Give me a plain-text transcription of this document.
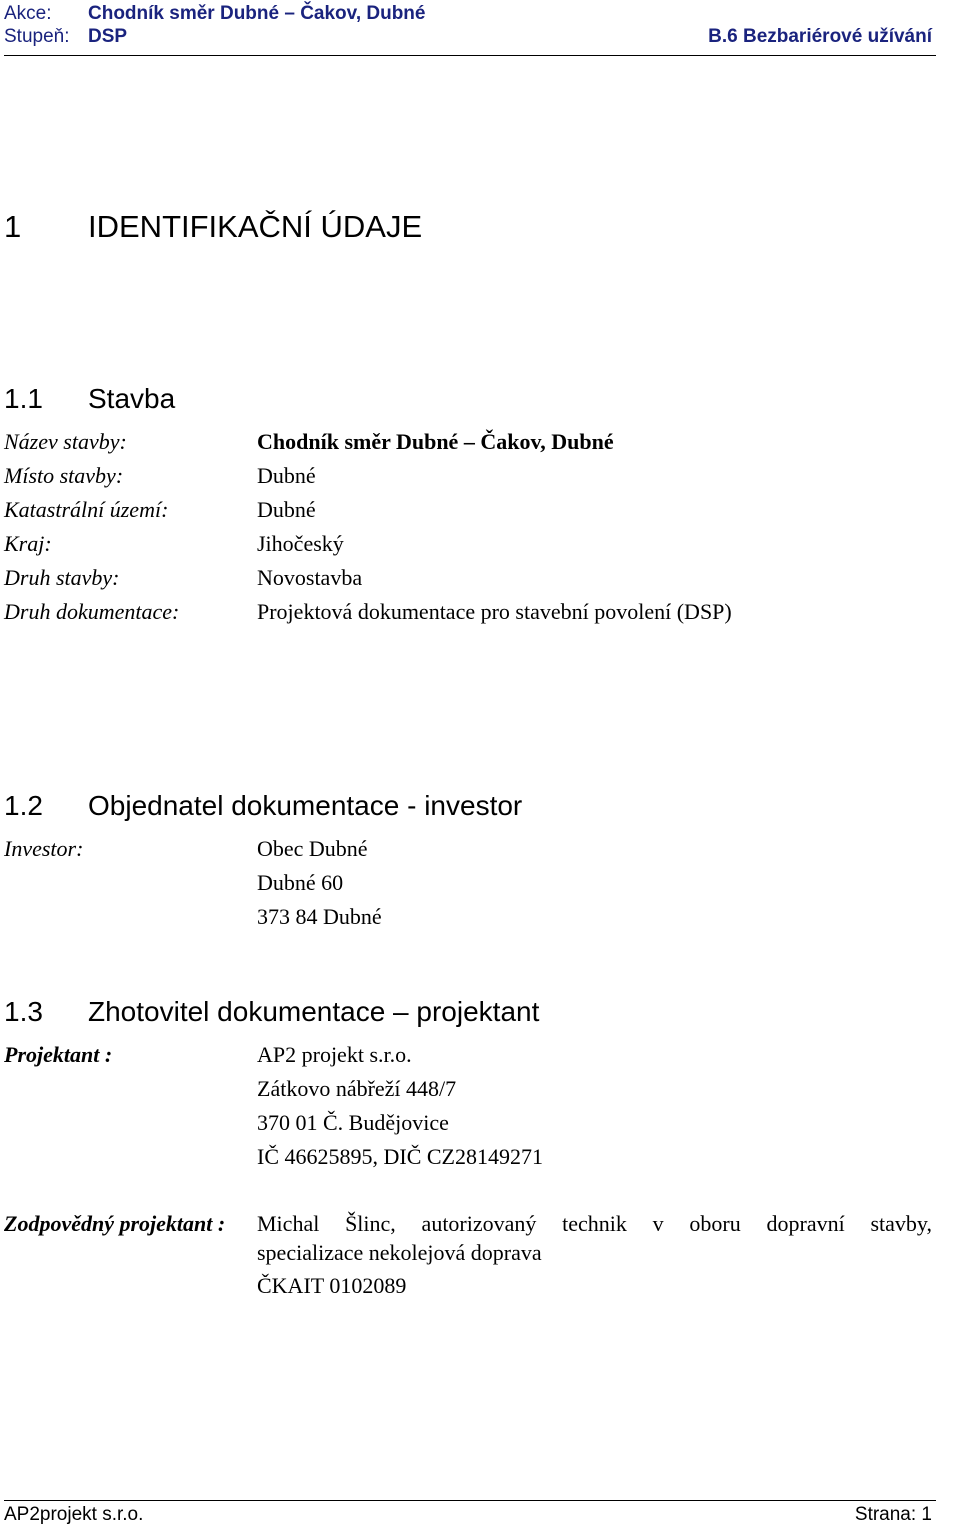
Akce: Chodník směr Dubné – Čakov, Dubné
Stupeň: DSP	B.6 Bezbariérové užívání
1 IDENTIFIKAČNÍ ÚDAJE
1.1 Stavba
Název stavby:	Chodník směr Dubné – Čakov, Dubné
Místo stavby:	Dubné
Katastrální území:	Dubné
Kraj:	Jihočeský
Druh stavby:	Novostavba
Druh dokumentace:	Projektová dokumentace pro stavební povolení (DSP)
1.2 Objednatel dokumentace - investor
Investor:	Obec Dubné
Dubné 60
373 84 Dubné
1.3 Zhotovitel dokumentace – projektant
Projektant :	AP2 projekt s.r.o.
Zátkovo nábřeží 448/7
370 01 Č. Budějovice
IČ 46625895, DIČ CZ28149271
Zodpovědný projektant : Michal Šlinc, autorizovaný technik v oboru dopravní stavby,
specializace nekolejová doprava
ČKAIT 0102089
AP2projekt s.r.o.	Strana: 1
